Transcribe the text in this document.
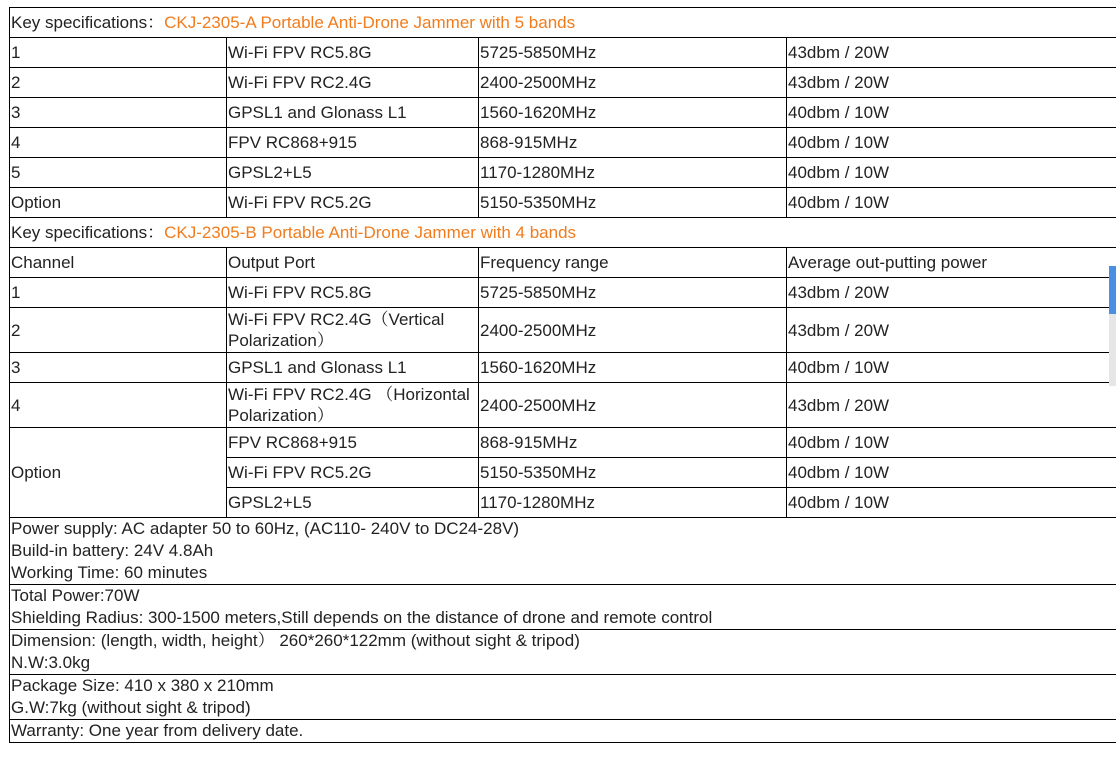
Key specifications：CKJ-2305-A Portable Anti-Drone Jammer with 5 bands			
1	Wi-Fi FPV RC5.8G	5725-5850MHz	43dbm / 20W
2	Wi-Fi FPV RC2.4G	2400-2500MHz	43dbm / 20W
3	GPSL1 and Glonass L1	1560-1620MHz	40dbm / 10W
4	FPV RC868+915	868-915MHz	40dbm / 10W
5	GPSL2+L5	1170-1280MHz	40dbm / 10W
Option	Wi-Fi FPV RC5.2G	5150-5350MHz	40dbm / 10W
Key specifications：CKJ-2305-B Portable Anti-Drone Jammer with 4 bands			
Channel	Output Port	Frequency range	Average out-putting power
1	Wi-Fi FPV RC5.8G	5725-5850MHz	43dbm / 20W
2	Wi-Fi FPV RC2.4G（Vertical Polarization）	2400-2500MHz	43dbm / 20W
3	GPSL1 and Glonass L1	1560-1620MHz	40dbm / 10W
4	Wi-Fi FPV RC2.4G （Horizontal Polarization）	2400-2500MHz	43dbm / 20W
Option	FPV RC868+915	868-915MHz	40dbm / 10W
	Wi-Fi FPV RC5.2G	5150-5350MHz	40dbm / 10W
	GPSL2+L5	1170-1280MHz	40dbm / 10W

Power supply: AC adapter 50 to 60Hz, (AC110- 240V to DC24-28V)
Build-in battery: 24V 4.8Ah
Working Time: 60 minutes			

Total Power:70W
Shielding Radius: 300-1500 meters,Still depends on the distance of drone and remote control			

Dimension: (length, width, height） 260*260*122mm (without sight & tripod)
N.W:3.0kg			

Package Size: 410 x 380 x 210mm
G.W:7kg (without sight & tripod)			

Warranty: One year from delivery date.			
